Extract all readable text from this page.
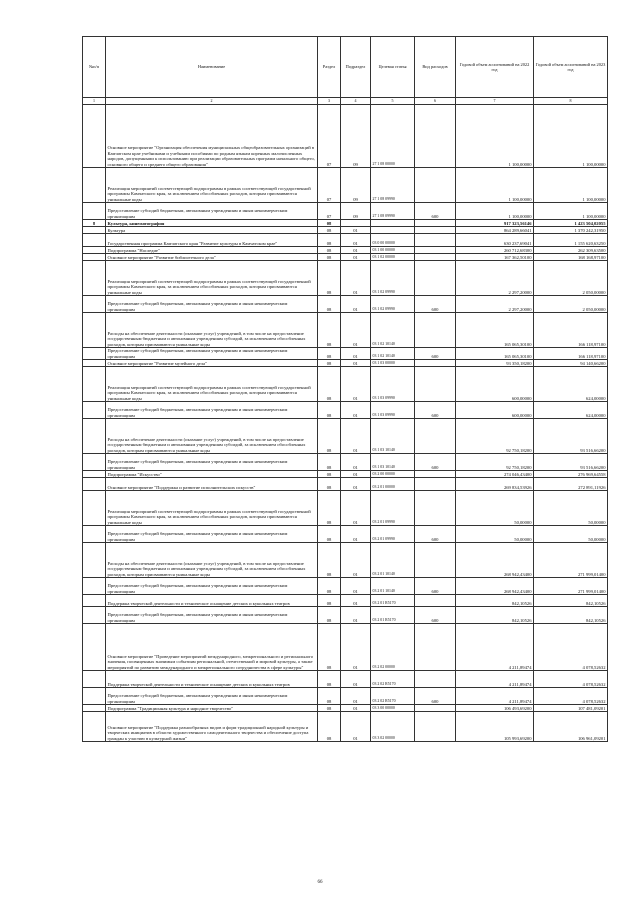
№п/п	Наименование	Раздел	Подраздел	Целевая статья	Вид расходов	Годовой объем ассигнований на 2022 год	Годовой объем ассигнований на 2023 год
1	2	3	4	5	6	7	8
	Основное мероприятие "Организация обеспечения муниципальных общеобразовательных организаций в Камчатском крае учебниками и учебными пособиями по родным языкам коренных малочисленных народов, допущенными к использованию при реализации образовательных программ начального общего, основного общего и среднего общего образования"	07	09	27 1 08 00000		1 100,00000	1 100,00000
	Реализация мероприятий соответствующей подпрограммы в рамках соответствующей государственной программы Камчатского края, за исключением обособленных расходов, которым присваиваются уникальные коды	07	09	27 1 08 09990		1 100,00000	1 100,00000
	Предоставление субсидий бюджетным, автономным учреждениям и иным некоммерческим организациям	07	09	27 1 08 09990	600	1 100,00000	1 100,00000
8	Культура, кинематография	08				917 323,56146	1 423 504,02055
	Культура	08	01			864 289,66041	1 370 242,31950
	Государственная программа Камчатского края "Развитие культуры в Камчатском крае"	08	01	03 0 00 00000		630 237,69041	1 155 620,63250
	Подпрограмма "Наследие"	08	01	03 1 00 00000		260 712,68300	262 309,63500
	Основное мероприятие "Развитие библиотечного дела"	08	01	03 1 02 00000		167 362,50100	168 168,97100
	Реализация мероприятий соответствующей подпрограммы в рамках соответствующей государственной программы Камчатского края, за исключением обособленных расходов, которым присваиваются уникальные коды	08	01	03 1 02 09990		2 297,20000	2 050,00000
	Предоставление субсидий бюджетным, автономным учреждениям и иным некоммерческим организациям	08	01	03 1 02 09990	600	2 297,20000	2 050,00000
	Расходы на обеспечение деятельности (оказание услуг) учреждений, в том числе на предоставление государственным бюджетным и автономным учреждениям субсидий, за исключением обособленных расходов, которым присваиваются уникальные коды	08	01	03 1 02 10140		165 065,30100	166 118,97100
	Предоставление субсидий бюджетным, автономным учреждениям и иным некоммерческим организациям	08	01	03 1 02 10140	600	165 065,30100	166 118,97100
	Основное мероприятие "Развитие музейного дела"	08	01	03 1 03 00000		93 350,18200	94 140,66200
	Реализация мероприятий соответствующей подпрограммы в рамках соответствующей государственной программы Камчатского края, за исключением обособленных расходов, которым присваиваются уникальные коды	08	01	03 1 03 09990		600,00000	624,00000
	Предоставление субсидий бюджетным, автономным учреждениям и иным некоммерческим организациям	08	01	03 1 03 09990	600	600,00000	624,00000
	Расходы на обеспечение деятельности (оказание услуг) учреждений, в том числе на предоставление государственным бюджетным и автономным учреждениям субсидий, за исключением обособленных расходов, которым присваиваются уникальные коды	08	01	03 1 03 10140		92 750,18200	93 516,66200
	Предоставление субсидий бюджетным, автономным учреждениям и иным некоммерческим организациям	08	01	03 1 03 10140	600	92 750,18200	93 516,66200
	Подпрограмма "Искусство"	08	01	03 2 00 00000		274 046,43400	276 969,64558
	Основное мероприятие "Поддержка и развитие исполнительских искусств"	08	01	03 2 01 00000		269 834,53926	272 891,11926
	Реализация мероприятий соответствующей подпрограммы в рамках соответствующей государственной программы Камчатского края, за исключением обособленных расходов, которым присваиваются уникальные коды	08	01	03 2 01 09990		50,00000	50,00000
	Предоставление субсидий бюджетным, автономным учреждениям и иным некоммерческим организациям	08	01	03 2 01 09990	600	50,00000	50,00000
	Расходы на обеспечение деятельности (оказание услуг) учреждений, в том числе на предоставление государственным бюджетным и автономным учреждениям субсидий, за исключением обособленных расходов, которым присваиваются уникальные коды	08	01	03 2 01 10140		268 942,43400	271 999,01400
	Предоставление субсидий бюджетным, автономным учреждениям и иным некоммерческим организациям	08	01	03 2 01 10140	600	268 942,43400	271 999,01400
	Поддержка творческой деятельности и техническое оснащение детских и кукольных театров	08	01	03 2 01 R5170		842,10526	842,10526
	Предоставление субсидий бюджетным, автономным учреждениям и иным некоммерческим организациям	08	01	03 2 01 R5170	600	842,10526	842,10526
	Основное мероприятие "Проведение мероприятий международного, межрегионального и регионального значения, посвященных значимым событиям региональной, отечественной и мировой культуры, а также мероприятий по развитию международного и межрегионального сотрудничества в сфере культуры"	08	01	03 2 02 00000		4 211,89474	4 078,52632
	Поддержка творческой деятельности и техническое оснащение детских и кукольных театров	08	01	03 2 02 R5170		4 211,89474	4 078,52632
	Предоставление субсидий бюджетным, автономным учреждениям и иным некоммерческим организациям	08	01	03 2 02 R5170	600	4 211,89474	4 078,52632
	Подпрограмма "Традиционная культура и народное творчество"	08	01	03 3 00 00000		106 493,69200	107 481,09201
	Основное мероприятие "Поддержка разнообразных видов и форм традиционной народной культуры и творческих инициатив в области художественного самодеятельного творчества и обеспечение доступа граждан к участию в культурной жизни"	08	01	03 3 02 00000		105 993,69200	106 961,09201
66
